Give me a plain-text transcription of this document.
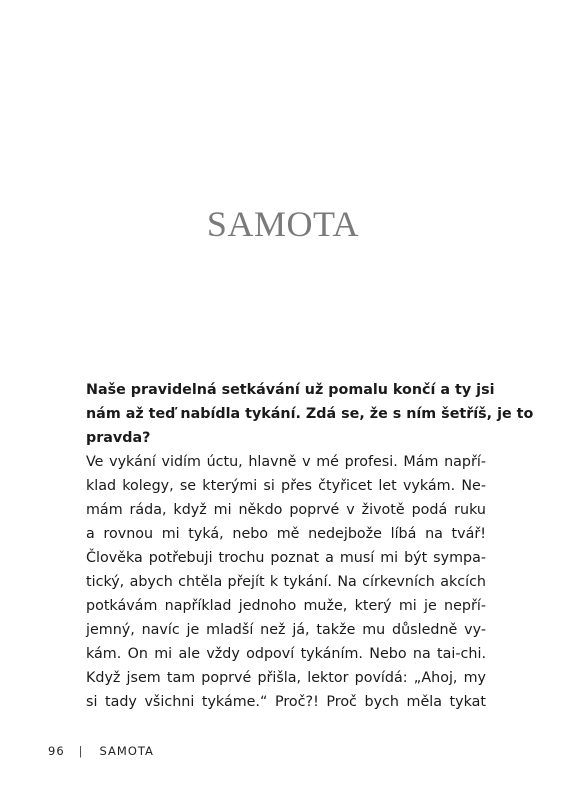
SAMOTA
Naše pravidelná setkávání už pomalu končí a ty jsi
nám až teď nabídla tykání. Zdá se, že s ním šetříš, je to
pravda?
Ve vykání vidím úctu, hlavně v mé profesi. Mám napří-
klad kolegy, se kterými si přes čtyřicet let vykám. Ne-
mám ráda, když mi někdo poprvé v životě podá ruku
a rovnou mi tyká, nebo mě nedejbože líbá na tvář!
Člověka potřebuji trochu poznat a musí mi být sympa-
tický, abych chtěla přejít k tykání. Na církevních akcích
potkávám například jednoho muže, který mi je nepří-
jemný, navíc je mladší než já, takže mu důsledně vy-
kám. On mi ale vždy odpoví tykáním. Nebo na tai-chi.
Když jsem tam poprvé přišla, lektor povídá: „Ahoj, my
si tady všichni tykáme.“ Proč?! Proč bych měla tykat
96 | SAMOTA
